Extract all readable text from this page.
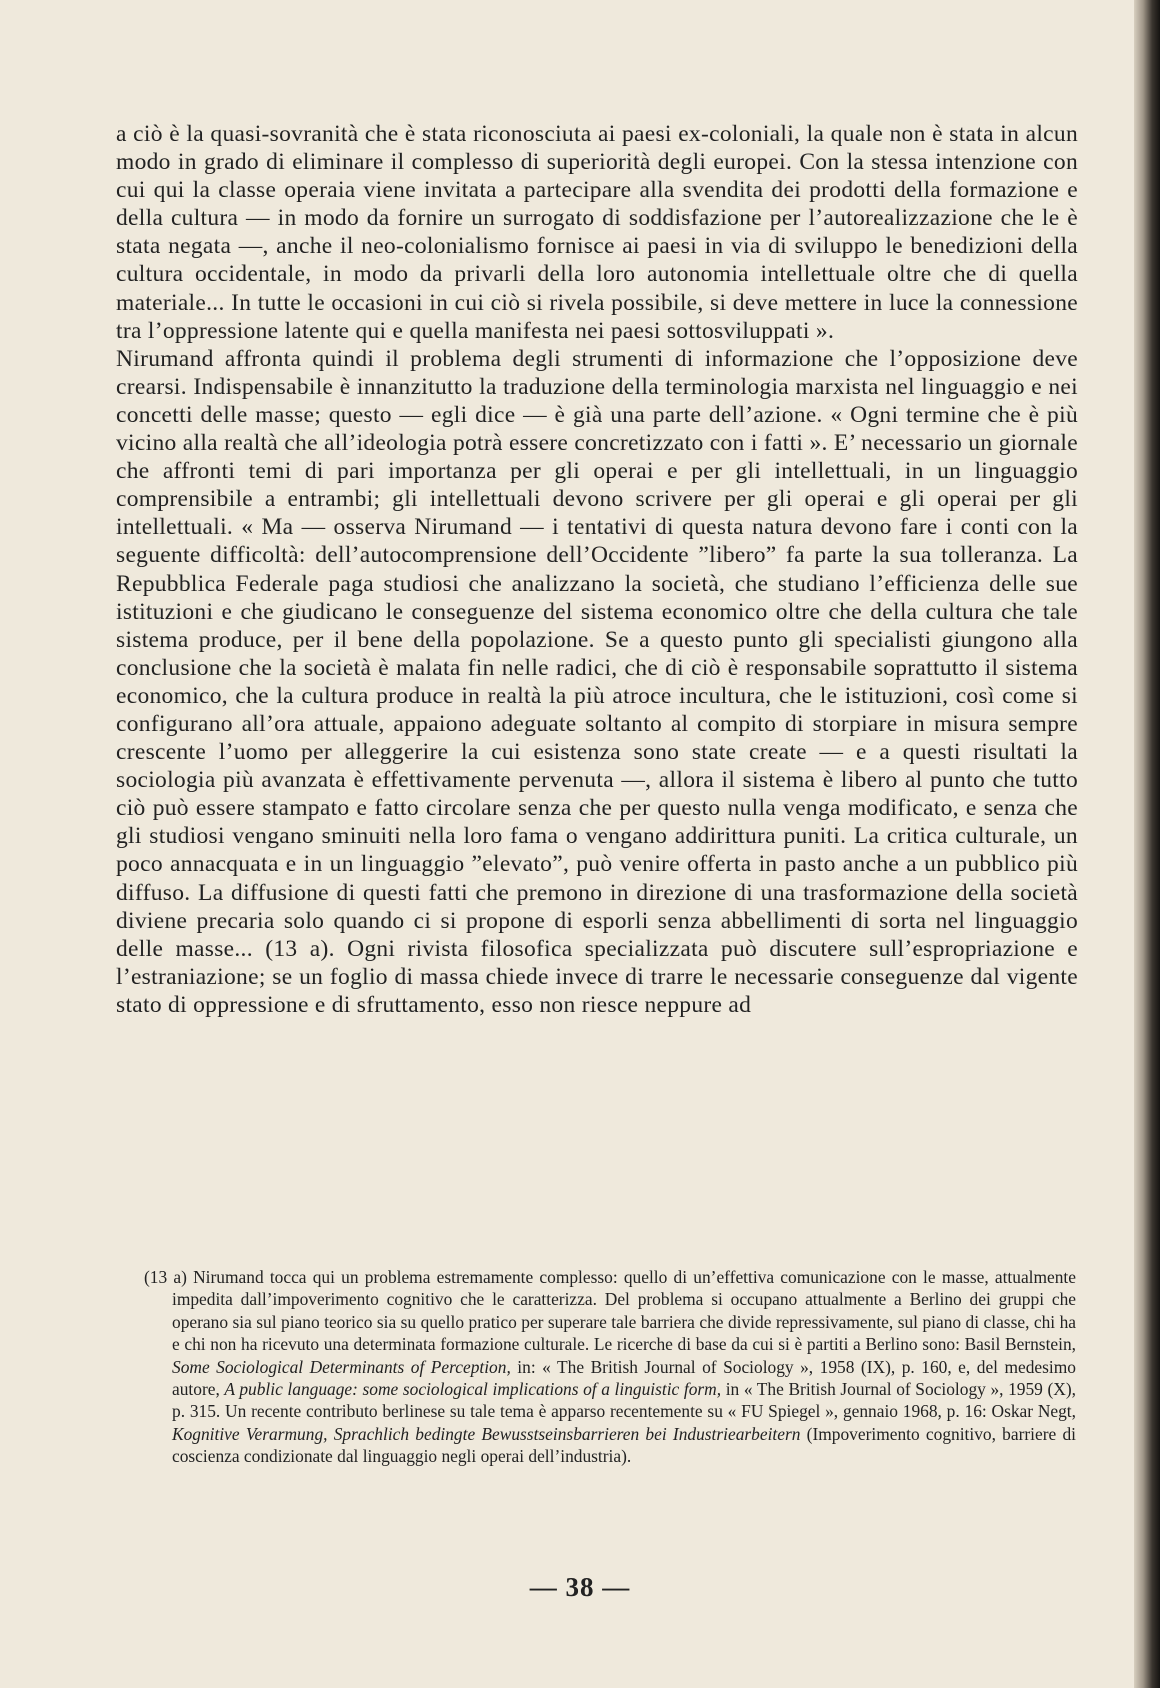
a ciò è la quasi-sovranità che è stata riconosciuta ai paesi ex-coloniali, la quale non è stata in alcun modo in grado di eliminare il complesso di superiorità degli europei. Con la stessa intenzione con cui qui la classe operaia viene invitata a partecipare alla svendita dei prodotti della formazione e della cultura — in modo da fornire un surrogato di soddisfazione per l’autorealizzazione che le è stata negata —, anche il neo-colonialismo fornisce ai paesi in via di sviluppo le benedizioni della cultura occidentale, in modo da privarli della loro autonomia intellettuale oltre che di quella materiale... In tutte le occasioni in cui ciò si rivela possibile, si deve mettere in luce la connessione tra l’oppressione latente qui e quella manifesta nei paesi sottosviluppati ».

Nirumand affronta quindi il problema degli strumenti di informazione che l’opposizione deve crearsi. Indispensabile è innanzitutto la traduzione della terminologia marxista nel linguaggio e nei concetti delle masse; questo — egli dice — è già una parte dell’azione. « Ogni termine che è più vicino alla realtà che all’ideologia potrà essere concretizzato con i fatti ». E’ necessario un giornale che affronti temi di pari importanza per gli operai e per gli intellettuali, in un linguaggio comprensibile a entrambi; gli intellettuali devono scrivere per gli operai e gli operai per gli intellettuali. « Ma — osserva Nirumand — i tentativi di questa natura devono fare i conti con la seguente difficoltà: dell’autocomprensione dell’Occidente ”libero” fa parte la sua tolleranza. La Repubblica Federale paga studiosi che analizzano la società, che studiano l’efficienza delle sue istituzioni e che giudicano le conseguenze del sistema economico oltre che della cultura che tale sistema produce, per il bene della popolazione. Se a questo punto gli specialisti giungono alla conclusione che la società è malata fin nelle radici, che di ciò è responsabile soprattutto il sistema economico, che la cultura produce in realtà la più atroce incultura, che le istituzioni, così come si configurano all’ora attuale, appaiono adeguate soltanto al compito di storpiare in misura sempre crescente l’uomo per alleggerire la cui esistenza sono state create — e a questi risultati la sociologia più avanzata è effettivamente pervenuta —, allora il sistema è libero al punto che tutto ciò può essere stampato e fatto circolare senza che per questo nulla venga modificato, e senza che gli studiosi vengano sminuiti nella loro fama o vengano addirittura puniti. La critica culturale, un poco annacquata e in un linguaggio ”elevato”, può venire offerta in pasto anche a un pubblico più diffuso. La diffusione di questi fatti che premono in direzione di una trasformazione della società diviene precaria solo quando ci si propone di esporli senza abbellimenti di sorta nel linguaggio delle masse... (13 a). Ogni rivista filosofica specializzata può discutere sull’espropriazione e l’estraniazione; se un foglio di massa chiede invece di trarre le necessarie conseguenze dal vigente stato di oppressione e di sfruttamento, esso non riesce neppure ad

(13 a) Nirumand tocca qui un problema estremamente complesso: quello di un’effettiva comunicazione con le masse, attualmente impedita dall’impoverimento cognitivo che le caratterizza. Del problema si occupano attualmente a Berlino dei gruppi che operano sia sul piano teorico sia su quello pratico per superare tale barriera che divide repressivamente, sul piano di classe, chi ha e chi non ha ricevuto una determinata formazione culturale. Le ricerche di base da cui si è partiti a Berlino sono: Basil Bernstein, Some Sociological Determinants of Perception, in: « The British Journal of Sociology », 1958 (IX), p. 160, e, del medesimo autore, A public language: some sociological implications of a linguistic form, in « The British Journal of Sociology », 1959 (X), p. 315. Un recente contributo berlinese su tale tema è apparso recentemente su « FU Spiegel », gennaio 1968, p. 16: Oskar Negt, Kognitive Verarmung, Sprachlich bedingte Bewusstseinsbarrieren bei Industriearbeitern (Impoverimento cognitivo, barriere di coscienza condizionate dal linguaggio negli operai dell’industria).

— 38 —
